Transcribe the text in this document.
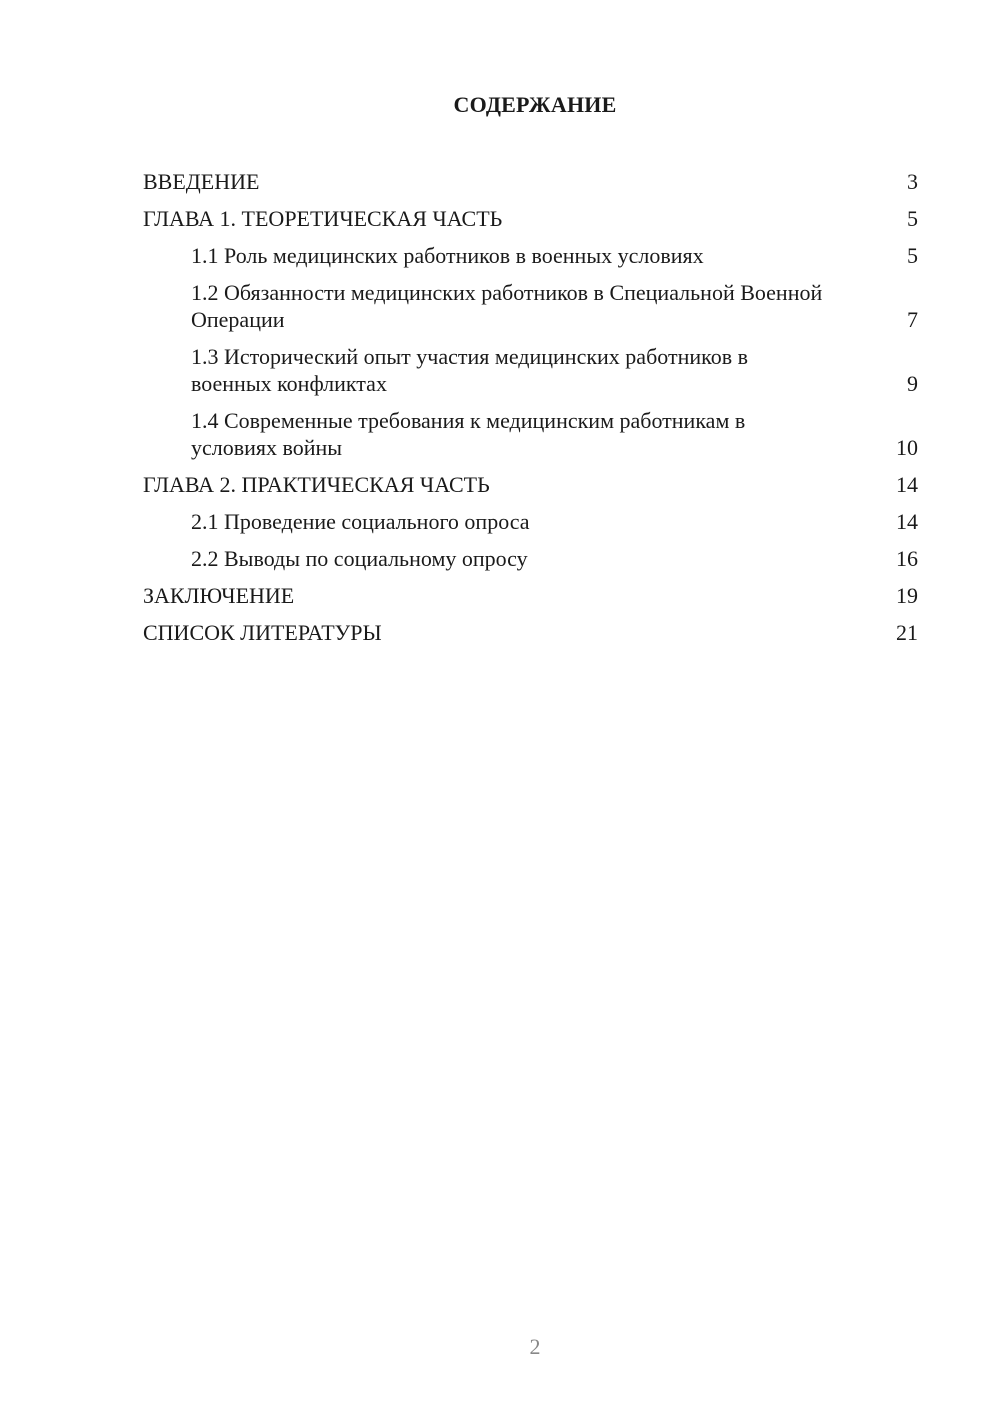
СОДЕРЖАНИЕ
ВВЕДЕНИЕ	3
ГЛАВА 1. ТЕОРЕТИЧЕСКАЯ ЧАСТЬ	5
1.1 Роль медицинских работников в военных условиях	5
1.2 Обязанности медицинских работников в Специальной Военной Операции	7
1.3 Исторический опыт участия медицинских работников в военных конфликтах	9
1.4 Современные требования к медицинским работникам в условиях войны	10
ГЛАВА 2. ПРАКТИЧЕСКАЯ ЧАСТЬ	14
2.1 Проведение социального опроса	14
2.2 Выводы по социальному опросу	16
ЗАКЛЮЧЕНИЕ	19
СПИСОК ЛИТЕРАТУРЫ	21
2
